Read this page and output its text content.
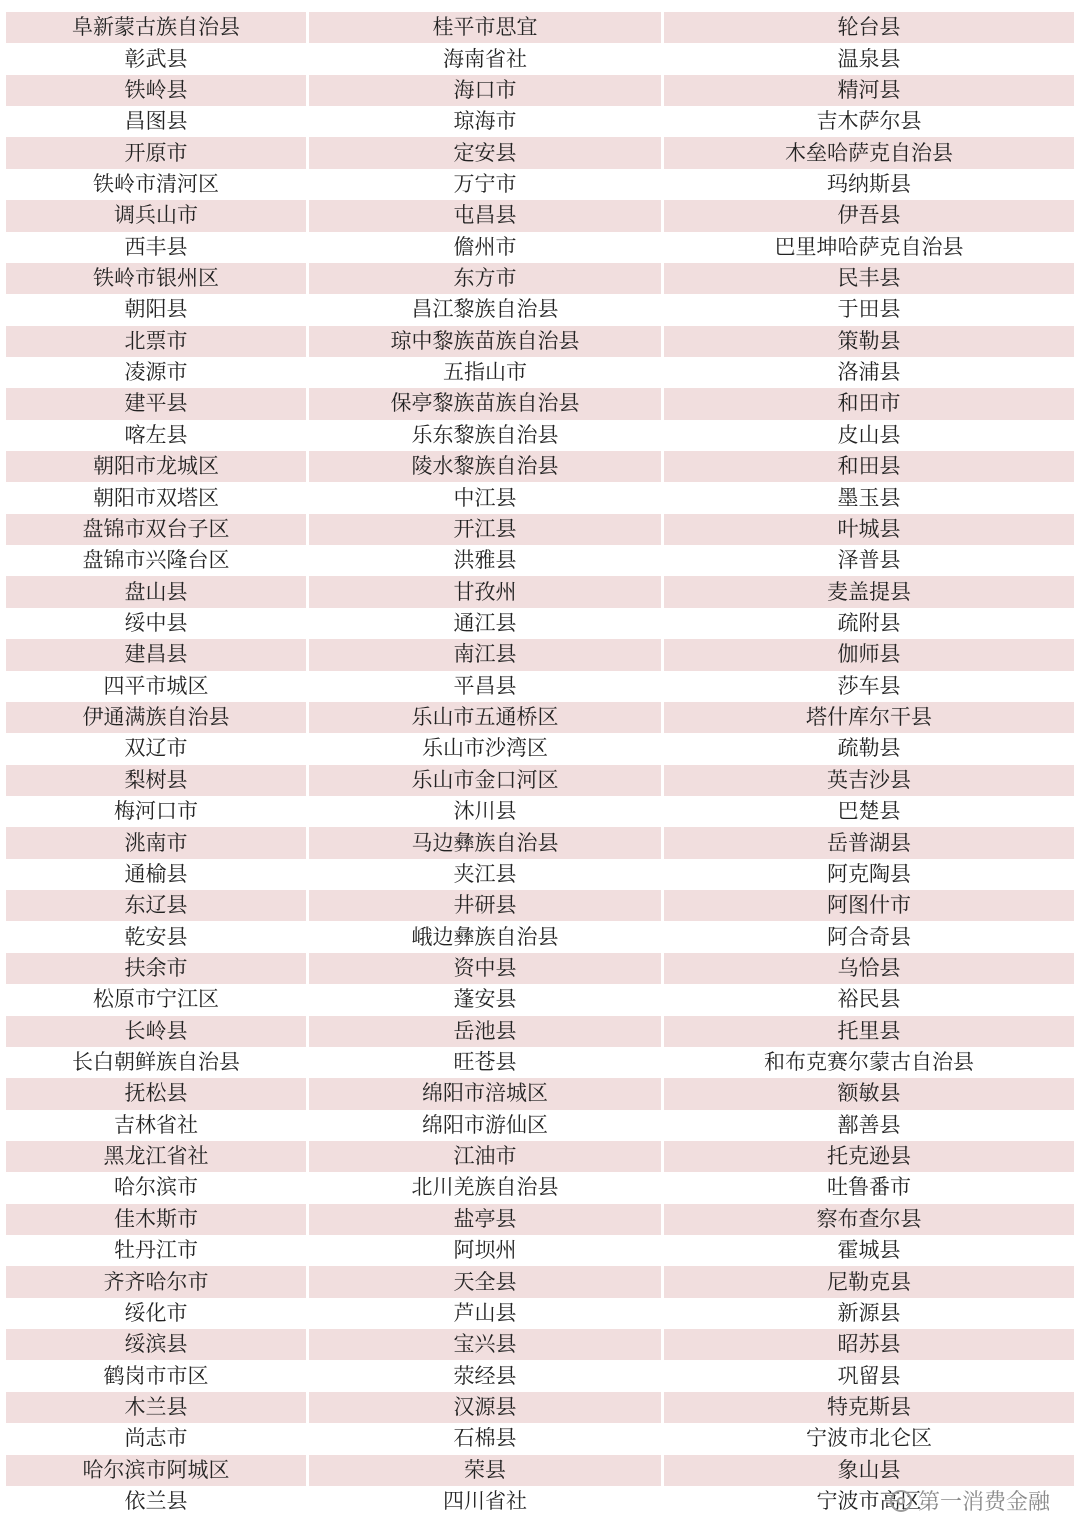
阜新蒙古族自治县	桂平市思宜	轮台县
彰武县	海南省社	温泉县
铁岭县	海口市	精河县
昌图县	琼海市	吉木萨尔县
开原市	定安县	木垒哈萨克自治县
铁岭市清河区	万宁市	玛纳斯县
调兵山市	屯昌县	伊吾县
西丰县	儋州市	巴里坤哈萨克自治县
铁岭市银州区	东方市	民丰县
朝阳县	昌江黎族自治县	于田县
北票市	琼中黎族苗族自治县	策勒县
凌源市	五指山市	洛浦县
建平县	保亭黎族苗族自治县	和田市
喀左县	乐东黎族自治县	皮山县
朝阳市龙城区	陵水黎族自治县	和田县
朝阳市双塔区	中江县	墨玉县
盘锦市双台子区	开江县	叶城县
盘锦市兴隆台区	洪雅县	泽普县
盘山县	甘孜州	麦盖提县
绥中县	通江县	疏附县
建昌县	南江县	伽师县
四平市城区	平昌县	莎车县
伊通满族自治县	乐山市五通桥区	塔什库尔干县
双辽市	乐山市沙湾区	疏勒县
梨树县	乐山市金口河区	英吉沙县
梅河口市	沐川县	巴楚县
洮南市	马边彝族自治县	岳普湖县
通榆县	夹江县	阿克陶县
东辽县	井研县	阿图什市
乾安县	峨边彝族自治县	阿合奇县
扶余市	资中县	乌恰县
松原市宁江区	蓬安县	裕民县
长岭县	岳池县	托里县
长白朝鲜族自治县	旺苍县	和布克赛尔蒙古自治县
抚松县	绵阳市涪城区	额敏县
吉林省社	绵阳市游仙区	鄯善县
黑龙江省社	江油市	托克逊县
哈尔滨市	北川羌族自治县	吐鲁番市
佳木斯市	盐亭县	察布查尔县
牡丹江市	阿坝州	霍城县
齐齐哈尔市	天全县	尼勒克县
绥化市	芦山县	新源县
绥滨县	宝兴县	昭苏县
鹤岗市市区	荥经县	巩留县
木兰县	汉源县	特克斯县
尚志市	石棉县	宁波市北仑区
哈尔滨市阿城区	荣县	象山县
依兰县	四川省社	宁波市高区
第一消费金融
